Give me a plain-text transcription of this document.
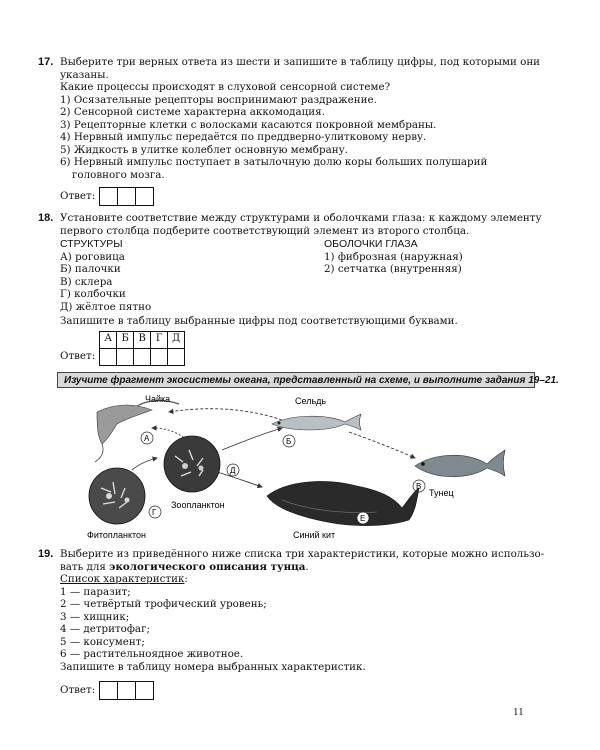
17. Выберите три верных ответа из шести и запишите в таблицу цифры, под которыми они
указаны.
Какие процессы происходят в слуховой сенсорной системе?
1) Осязательные рецепторы воспринимают раздражение.
2) Сенсорной системе характерна аккомодация.
3) Рецепторные клетки с волосками касаются покровной мембраны.
4) Нервный импульс передаётся по преддверно-улитковому нерву.
5) Жидкость в улитке колеблет основную мембрану.
6) Нервный импульс поступает в затылочную долю коры больших полушарий головного мозга.
Ответ:
18. Установите соответствие между структурами и оболочками глаза: к каждому элементу
первого столбца подберите соответствующий элемент из второго столбца.
СТРУКТУРЫ
А) роговица
Б) палочки
В) склера
Г) колбочки
Д) жёлтое пятно
ОБОЛОЧКИ ГЛАЗА
1) фиброзная (наружная)
2) сетчатка (внутренняя)
Запишите в таблицу выбранные цифры под соответствующими буквами.
Ответ:
А	Б	В	Г	Д

Изучите фрагмент экосистемы океана, представленный на схеме, и выполните задания 19–21.
Чайка
А
Сельдь
Б
Тунец
В
Синий кит
Е
Зоопланктон
Д
Фитопланктон
Г
19. Выберите из приведённого ниже списка три характеристики, которые можно использо-
вать для экологического описания тунца.
Список характеристик:
1 — паразит;
2 — четвёртый трофический уровень;
3 — хищник;
4 — детритофаг;
5 — консумент;
6 — растительноядное животное.
Запишите в таблицу номера выбранных характеристик.
Ответ:
11
